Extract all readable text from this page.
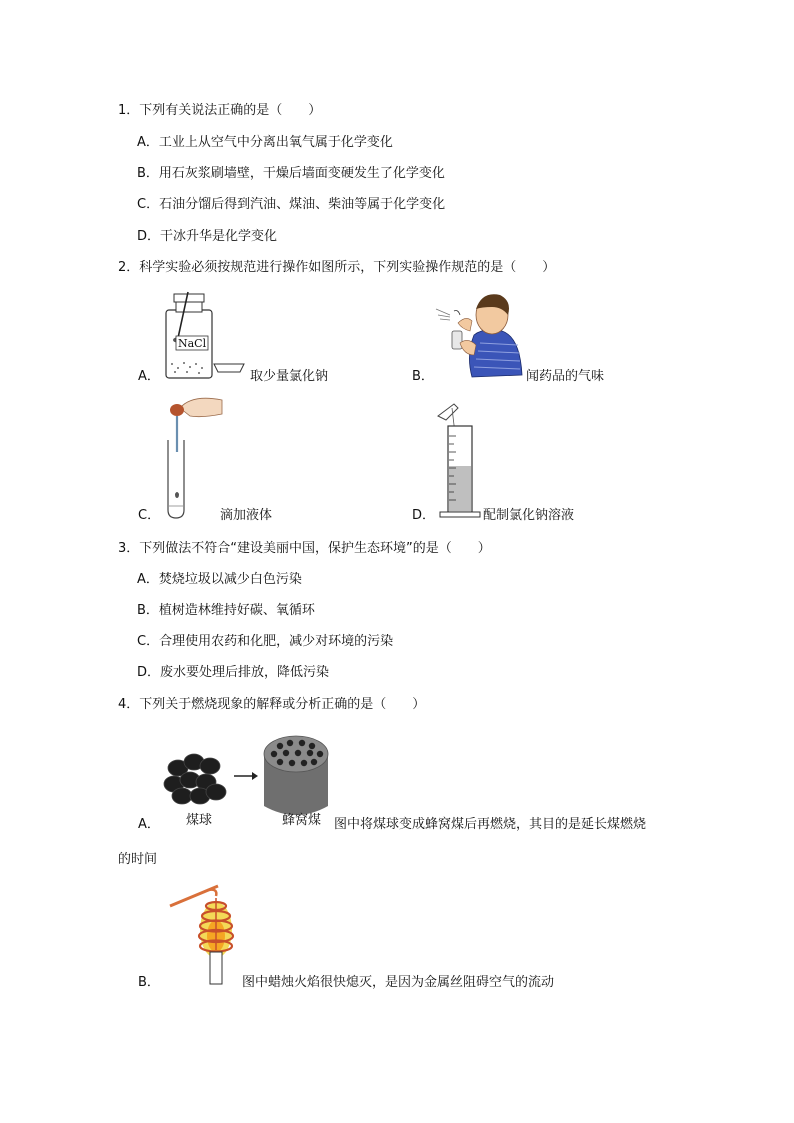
1．下列有关说法正确的是（　　）
A．工业上从空气中分离出氧气属于化学变化
B．用石灰浆刷墙壁，干燥后墙面变硬发生了化学变化
C．石油分馏后得到汽油、煤油、柴油等属于化学变化
D．干冰升华是化学变化
2．科学实验必须按规范进行操作如图所示，下列实验操作规范的是（　　）
A．
NaCl
取少量氯化钠	B．	闻药品的气味
C．	滴加液体	D．	配制氯化钠溶液
3．下列做法不符合“建设美丽中国，保护生态环境”的是（　　）
A．焚烧垃圾以减少白色污染
B．植树造林维持好碳、氧循环
C．合理使用农药和化肥，减少对环境的污染
D．废水要处理后排放，降低污染
4．下列关于燃烧现象的解释或分析正确的是（　　）
A． 煤球	蜂窝煤 图中将煤球变成蜂窝煤后再燃烧，其目的是延长煤燃烧
的时间
B．	图中蜡烛火焰很快熄灭，是因为金属丝阻碍空气的流动
